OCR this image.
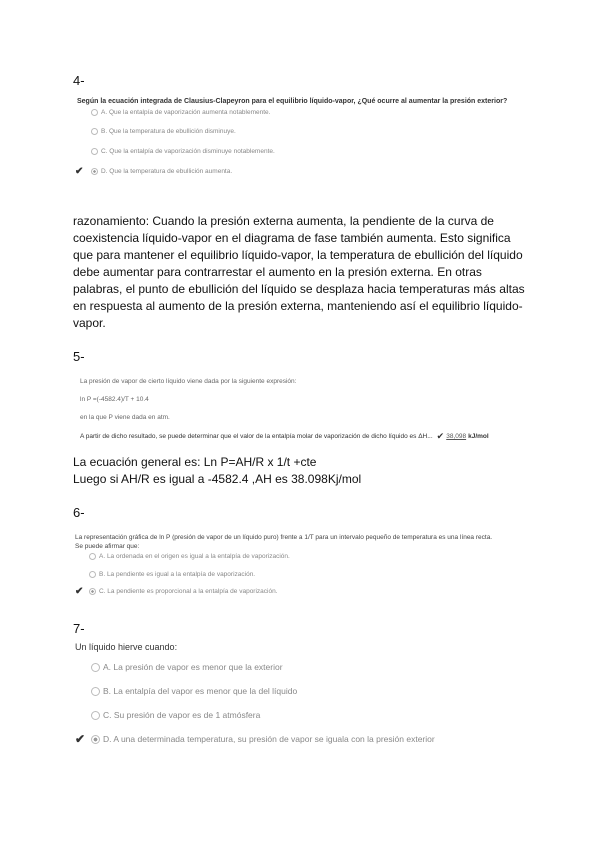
4-
Según la ecuación integrada de Clausius-Clapeyron para el equilibrio líquido-vapor, ¿Qué ocurre al aumentar la presión exterior?
A. Que la entalpía de vaporización aumenta notablemente.
B. Que la temperatura de ebullición disminuye.
C. Que la entalpía de vaporización disminuye notablemente.
✔	D. Que la temperatura de ebullición aumenta.
razonamiento: Cuando la presión externa aumenta, la pendiente de la curva de coexistencia líquido-vapor en el diagrama de fase también aumenta. Esto significa que para mantener el equilibrio líquido-vapor, la temperatura de ebullición del líquido debe aumentar para contrarrestar el aumento en la presión externa. En otras palabras, el punto de ebullición del líquido se desplaza hacia temperaturas más altas en respuesta al aumento de la presión externa, manteniendo así el equilibrio líquido-vapor.
5-
La presión de vapor de cierto líquido viene dada por la siguiente expresión:
ln P =(-4582.4)/T + 10.4
en la que P viene dada en atm.
A partir de dicho resultado, se puede determinar que el valor de la entalpía molar de vaporización de dicho líquido es ΔH... ✔ 38,098 kJ/mol
La ecuación general es: Ln P=AH/R x 1/t +cte
Luego si AH/R es igual a -4582.4 ,AH es 38.098Kj/mol
6-
La representación gráfica de ln P (presión de vapor de un líquido puro) frente a 1/T para un intervalo pequeño de temperatura es una línea recta.
Se puede afirmar que:
A. La ordenada en el origen es igual a la entalpía de vaporización.
B. La pendiente es igual a la entalpía de vaporización.
✔ C. La pendiente es proporcional a la entalpía de vaporización.
7-
Un líquido hierve cuando:
A. La presión de vapor es menor que la exterior
B. La entalpía del vapor es menor que la del líquido
C. Su presión de vapor es de 1 atmósfera
✔ D. A una determinada temperatura, su presión de vapor se iguala con la presión exterior
